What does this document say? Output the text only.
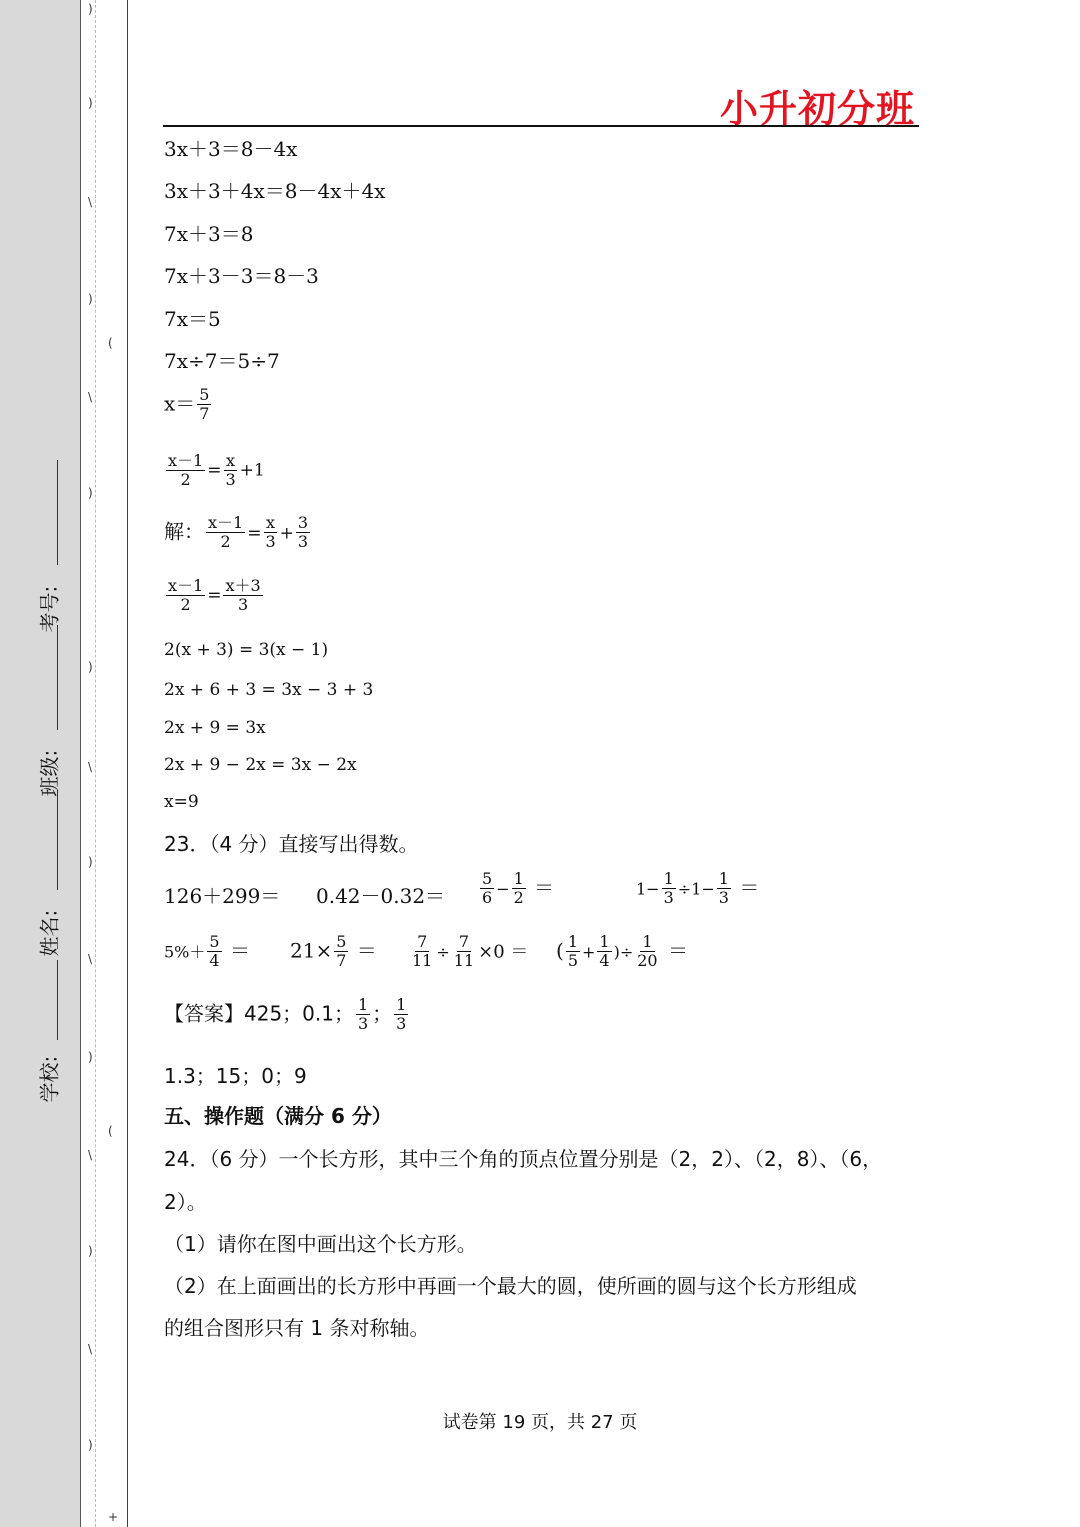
学校:
姓名:
班级:
考号:
)
)
\
)
(
\
)
)
\
)
\
)
(
\
)
\
)
+
小升初分班
3x＋3＝8－4x
3x＋3＋4x＝8－4x＋4x
7x＋3＝8
7x＋3－3＝8－3
7x＝5
7x÷7＝5÷7
$x= \frac{5}{7}$
$\frac{x-1}{2} = \frac{x}{3} +1$
解： $\frac{x-1}{2} = \frac{x}{3} + \frac{3}{3}$
$\frac{x-1}{2} = \frac{x+3}{3}$
2(x + 3) = 3(x − 1)
2x + 6 + 3 = 3x − 3 + 3
2x + 9 = 3x
2x + 9 − 2x = 3x − 2x
x=9
23．（4 分）直接写出得数。
$126+299= 0.42-0.32= \frac{5}{6} - \frac{1}{2}$ ＝	$1- \frac{1}{3} \div 1- \frac{1}{3}$ ＝
$5\%+ \frac{5}{4} = 21\times \frac{5}{7} = \frac{7}{11} \div \frac{7}{11} \times 0$ ＝ ( $\frac{1}{5} + \frac{1}{4}$ )÷ $\frac{1}{20}$ ＝
【答案】425；0.1； $\frac{1}{3}$ ； $\frac{1}{3}$
1.3；15；0；9
五、操作题（满分 6 分）
24．（6 分）一个长方形，其中三个角的顶点位置分别是（2，2）、（2，8）、（6，
2）。
（1）请你在图中画出这个长方形。
（2）在上面画出的长方形中再画一个最大的圆，使所画的圆与这个长方形组成
的组合图形只有 1 条对称轴。
试卷第 19 页，共 27 页
